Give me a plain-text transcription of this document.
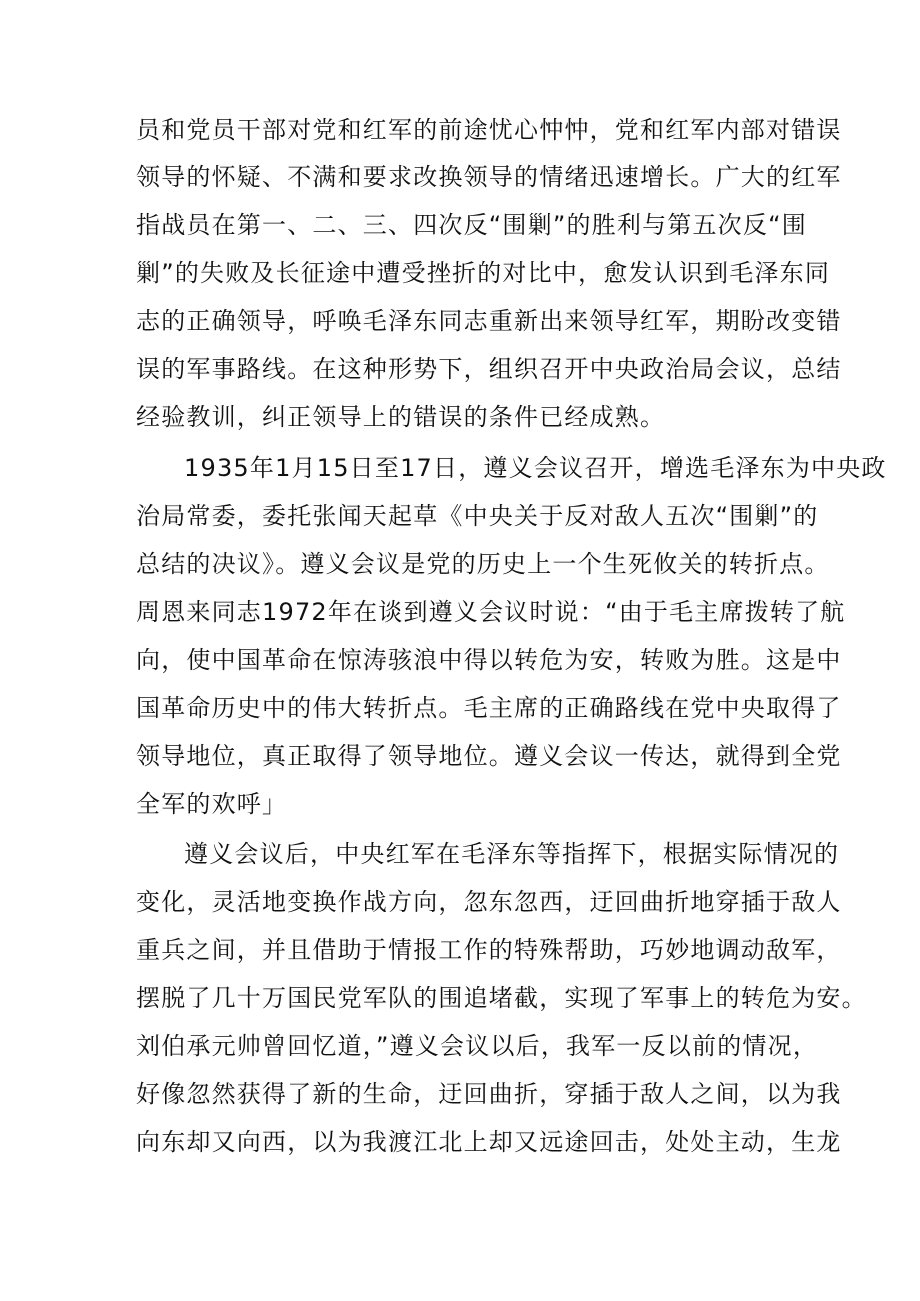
员和党员干部对党和红军的前途忧心忡忡，党和红军内部对错误
领导的怀疑、不满和要求改换领导的情绪迅速增长。广大的红军
指战员在第一、二、三、四次反“围剿”的胜利与第五次反“围
剿”的失败及长征途中遭受挫折的对比中，愈发认识到毛泽东同
志的正确领导，呼唤毛泽东同志重新出来领导红军，期盼改变错
误的军事路线。在这种形势下，组织召开中央政治局会议，总结
经验教训，纠正领导上的错误的条件已经成熟。
1935年1月15日至17日，遵义会议召开，增选毛泽东为中央政
治局常委，委托张闻天起草《中央关于反对敌人五次“围剿”的
总结的决议》。遵义会议是党的历史上一个生死攸关的转折点。
周恩来同志1972年在谈到遵义会议时说：“由于毛主席拨转了航
向，使中国革命在惊涛骇浪中得以转危为安，转败为胜。这是中
国革命历史中的伟大转折点。毛主席的正确路线在党中央取得了
领导地位，真正取得了领导地位。遵义会议一传达，就得到全党
全军的欢呼」
遵义会议后，中央红军在毛泽东等指挥下，根据实际情况的
变化，灵活地变换作战方向，忽东忽西，迂回曲折地穿插于敌人
重兵之间，并且借助于情报工作的特殊帮助，巧妙地调动敌军，
摆脱了几十万国民党军队的围追堵截，实现了军事上的转危为安。
刘伯承元帅曾回忆道，”遵义会议以后，我军一反以前的情况，
好像忽然获得了新的生命，迂回曲折，穿插于敌人之间，以为我
向东却又向西，以为我渡江北上却又远途回击，处处主动，生龙
